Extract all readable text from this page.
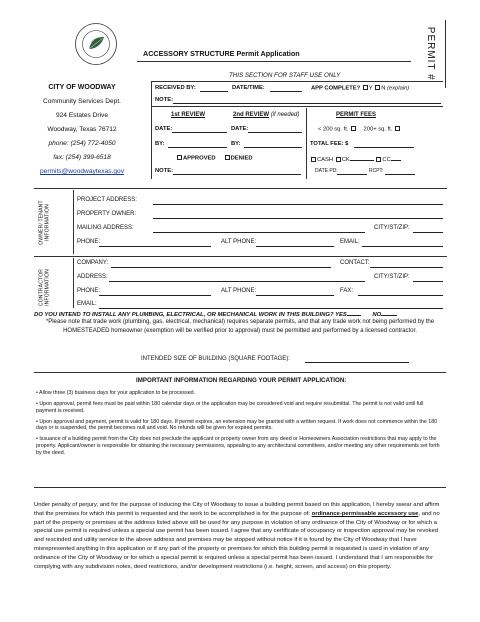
ACCESSORY STRUCTURE Permit Application	PERMIT #
THIS SECTION FOR STAFF USE ONLY
CITY OF WOODWAY
Community Services Dept.
924 Estates Drive
Woodway, Texas 76712
phone: (254) 772-4050
fax: (254) 399-6518
permits@woodwaytexas.gov
RECEIVED BY:	DATE/TIME:	APP COMPLETE? Y N (explain)
NOTE:
1st REVIEW	2nd REVIEW (if needed)	PERMIT FEES
DATE:	DATE:	< 200 sq. ft.	200+ sq. ft.
BY:	BY:	TOTAL FEE: $
APPROVED	DENIED	CASH CK	CC
NOTE:	DATE PD:	RCPT:
OWNER/ TENANT INFORMATION
PROJECT ADDRESS:
PROPERTY OWNER:
MAILING ADDRESS:	CITY/ST/ZIP:
PHONE:	ALT PHONE:	EMAIL:
CONTRACTOR INFORMATION
COMPANY:	CONTACT:
ADDRESS:	CITY/ST/ZIP:
PHONE:	ALT PHONE:	FAX:
EMAIL:
DO YOU INTEND TO INSTALL ANY PLUMBING, ELECTRICAL, OR MECHANICAL WORK IN THIS BUILDING? YES	NO
*Please note that trade work (plumbing, gas, electrical, mechanical) requires separate permits, and that any trade work not being performed by the HOMESTEADED homeowner (exemption will be verified prior to approval) must be permitted and performed by a licensed contractor.
INTENDED SIZE OF BUILDING (SQUARE FOOTAGE):
IMPORTANT INFORMATION REGARDING YOUR PERMIT APPLICATION:

• Allow three (3) business days for your application to be processed.

• Upon approval, permit fees must be paid within 180 calendar days or the application may be considered void and require resubmittal. The permit is not valid until full payment is received.

• Upon approval and payment, permit is valid for 180 days. If permit expires, an extension may be granted with a written request. If work does not commence within the 180 days or is suspended, the permit becomes null and void. No refunds will be given for expired permits.

• Issuance of a building permit from the City does not preclude the applicant or property owner from any deed or Homeowners Association restrictions that may apply to the property. Applicant/owner is responsible for obtaining the necessary permissions, appealing to any architectural committees, and/or meeting any other requirements set forth by the deed.

Under penalty of perjury, and for the purpose of inducing the City of Woodway to issue a building permit based on this application, I hereby swear and affirm that the premises for which this permit is requested and the work to be accomplished is for the purpose of: ordinance-permissable accessory use, and no part of the property or premises at the address listed above will be used for any purpose in violation of any ordinance of the City of Woodway or for which a special use permit is required unless a special use permit has been issued. I agree that any certificate of occupancy or inspection approval may be revoked and rescinded and utility service to the above address and premises may be stopped without notice if it is found by the City of Woodway that I have misrepresented anything in this application or if any part of the property or premises for which this building permit is requested is used in violation of any ordinance of the City of Woodway or for which a special permit is required unless a special permit has been issued. I understand that I am responsible for complying with any subdivision notes, deed restrictions, and/or development restrictions (i.e. height, screen, and access) on this property.
